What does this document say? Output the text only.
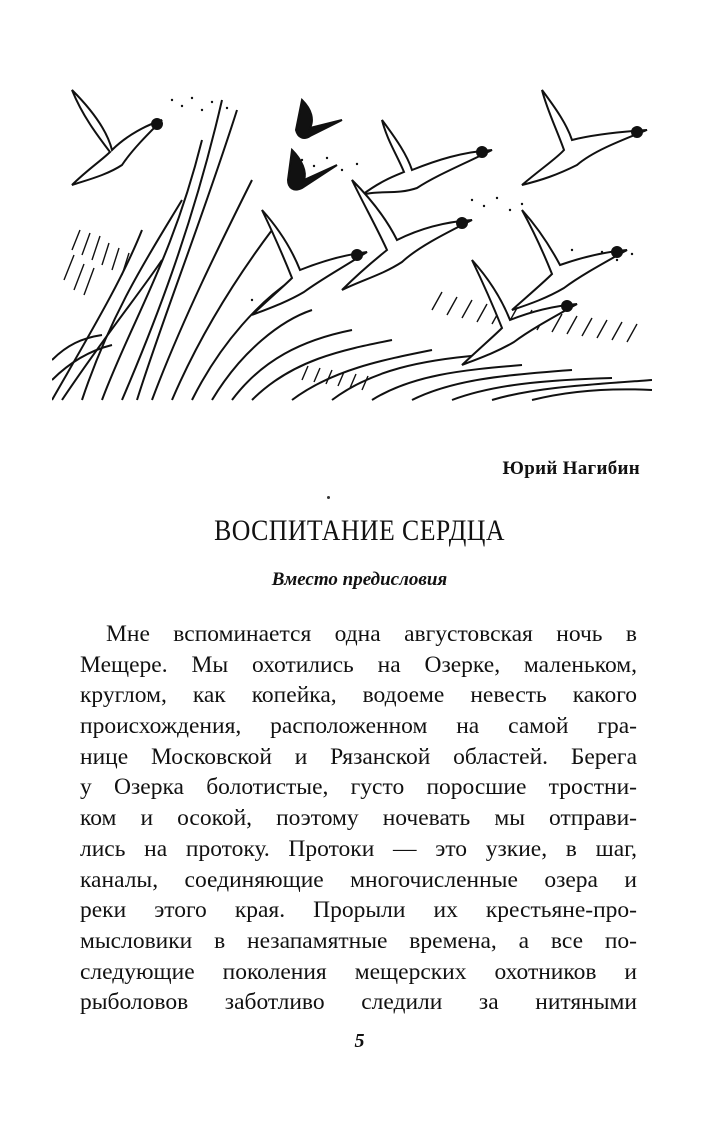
Юрий Нагибин
ВОСПИТАНИЕ СЕРДЦА
Вместо предисловия
Мне вспоминается одна августовская ночь в
Мещере. Мы охотились на Озерке, маленьком,
круглом, как копейка, водоеме невесть какого
происхождения, расположенном на самой гра-
нице Московской и Рязанской областей. Берега
у Озерка болотистые, густо поросшие тростни-
ком и осокой, поэтому ночевать мы отправи-
лись на протоку. Протоки — это узкие, в шаг,
каналы, соединяющие многочисленные озера и
реки этого края. Прорыли их крестьяне-про-
мысловики в незапамятные времена, а все по-
следующие поколения мещерских охотников и
рыболовов заботливо следили за нитяными
5
